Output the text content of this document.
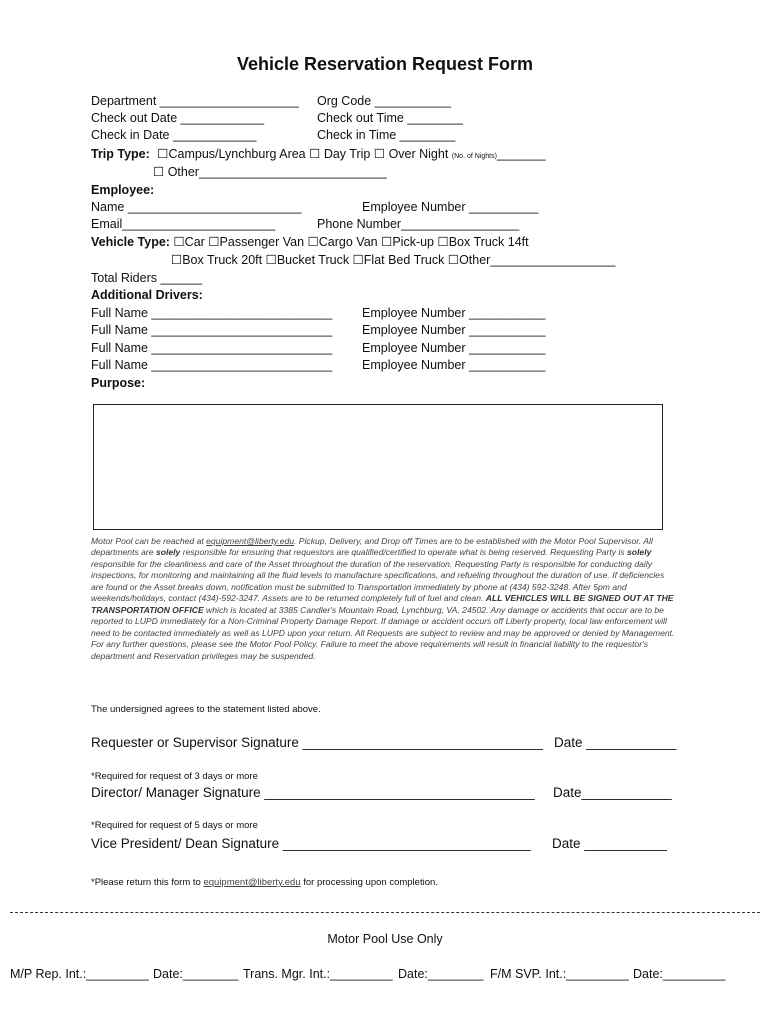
Vehicle Reservation Request Form
Department ____________________ Org Code ___________
Check out Date ____________	Check out Time ________
Check in Date ____________	Check in Time ________
Trip Type: ☐Campus/Lynchburg Area ☐ Day Trip ☐ Over Night (No. of Nights)_______
☐ Other___________________________
Employee:
Name _________________________	Employee Number __________
Email______________________	Phone Number_________________
Vehicle Type: ☐Car ☐Passenger Van ☐Cargo Van ☐Pick-up ☐Box Truck 14ft
☐Box Truck 20ft ☐Bucket Truck ☐Flat Bed Truck ☐Other__________________
Total Riders ______
Additional Drivers:
Full Name __________________________ Employee Number ___________
Full Name __________________________ Employee Number ___________
Full Name __________________________ Employee Number ___________
Full Name __________________________ Employee Number ___________
Purpose:
Motor Pool can be reached at equipment@liberty.edu. Pickup, Delivery, and Drop off Times are to be established with the Motor Pool Supervisor. All departments are solely responsible for ensuring that requestors are qualified/certified to operate what is being reserved. Requesting Party is solely responsible for the cleanliness and care of the Asset throughout the duration of the reservation. Requesting Party is responsible for conducting daily inspections, for monitoring and maintaining all the fluid levels to manufacture specifications, and refueling throughout the duration of use. If deficiencies are found or the Asset breaks down, notification must be submitted to Transportation immediately by phone at (434) 592-3248. After 5pm and weekends/holidays, contact (434)-592-3247. Assets are to be returned completely full of fuel and clean. ALL VEHICLES WILL BE SIGNED OUT AT THE TRANSPORTATION OFFICE which is located at 3385 Candler's Mountain Road, Lynchburg, VA, 24502. Any damage or accidents that occur are to be reported to LUPD immediately for a Non-Criminal Property Damage Report. If damage or accident occurs off Liberty property, local law enforcement will need to be contacted immediately as well as LUPD upon your return. All Requests are subject to review and may be approved or denied by Management. For any further questions, please see the Motor Pool Policy. Failure to meet the above requirements will result in financial liability to the requestor's department and Reservation privileges may be suspended.
The undersigned agrees to the statement listed above.
Requester or Supervisor Signature ________________________________ Date ____________
*Required for request of 3 days or more
Director/ Manager Signature ____________________________________ Date____________
*Required for request of 5 days or more
Vice President/ Dean Signature _________________________________ Date ___________
*Please return this form to equipment@liberty.edu for processing upon completion.
Motor Pool Use Only
M/P Rep. Int.:_________ Date:________ Trans. Mgr. Int.:_________ Date:________ F/M SVP. Int.:_________ Date:_________
